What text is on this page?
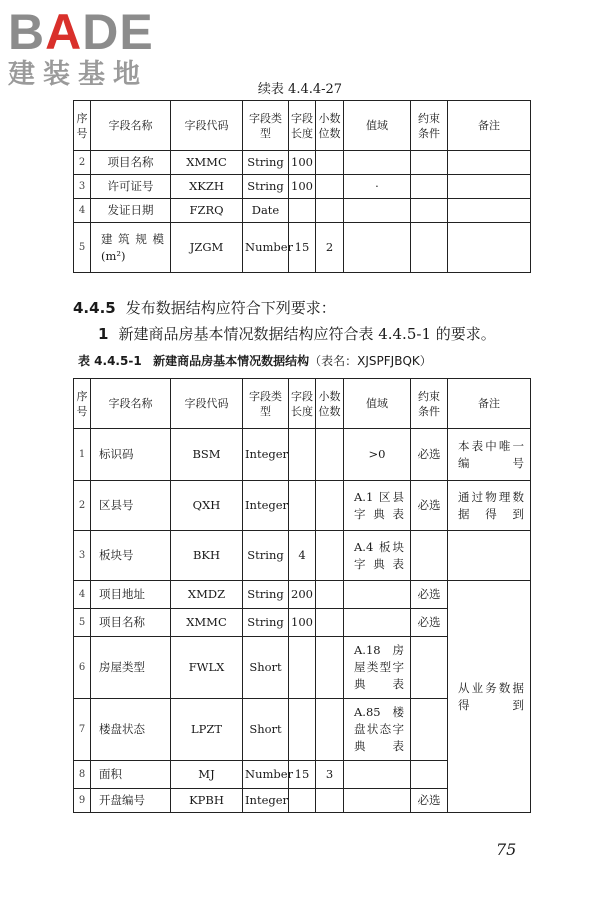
BADE
建装基地	续表 4.4.4-27
序号	字段名称	字段代码	字段类型	字段长度	小数位数	值域	约束条件	备注
2	项目名称	XMMC	String	100				
3	许可证号	XKZH	String	100		·		
4	发证日期	FZRQ	Date					
5	建筑规模(m²)	JZGM	Number	15	2			
4.4.5 发布数据结构应符合下列要求：
1 新建商品房基本情况数据结构应符合表 4.4.5-1 的要求。
表 4.4.5-1 新建商品房基本情况数据结构（表名：XJSPFJBQK）
序号	字段名称	字段代码	字段类型	字段长度	小数位数	值域	约束条件	备注	
1	标识码	BSM	Integer			>0	必选	本表中唯一编号	
2	区县号	QXH	Integer			A.1 区县字典表	必选	通过物理数据得到	
3	板块号	BKH	String	4		A.4 板块字典表			
4	项目地址	XMDZ	String	200			必选	从业务数据得到	
5	项目名称	XMMC	String	100			必选		
6	房屋类型	FWLX	Short			A.18 房屋类型字典表			
7	楼盘状态	LPZT	Short			A.85 楼盘状态字典表			
8	面积	MJ	Number	15	3				
9	开盘编号	KPBH	Integer				必选		
75
